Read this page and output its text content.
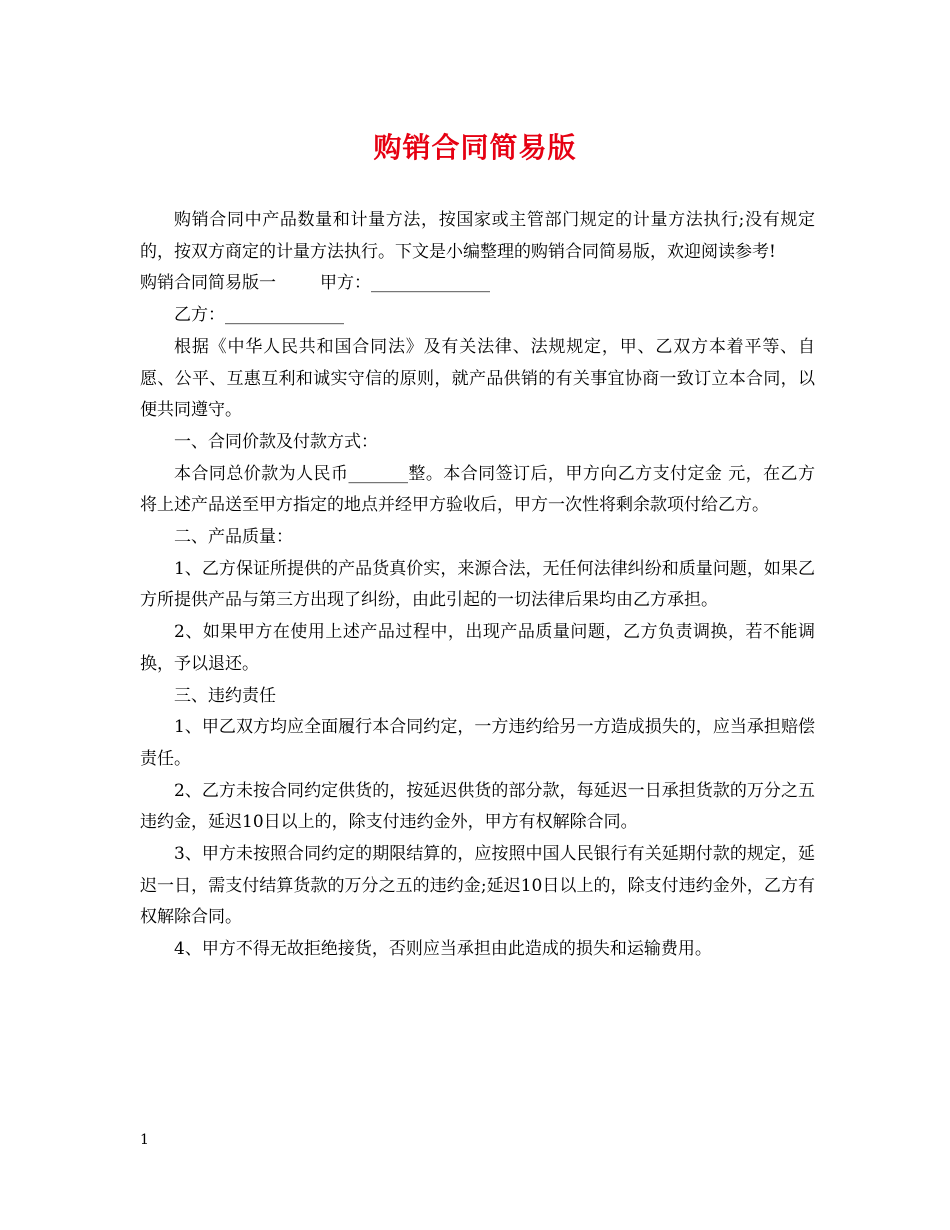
购销合同简易版

购销合同中产品数量和计量方法，按国家或主管部门规定的计量方法执行;没有规定的，按双方商定的计量方法执行。下文是小编整理的购销合同简易版，欢迎阅读参考!

购销合同简易版一	甲方：______________

乙方：______________

根据《中华人民共和国合同法》及有关法律、法规规定，甲、乙双方本着平等、自愿、公平、互惠互利和诚实守信的原则，就产品供销的有关事宜协商一致订立本合同，以便共同遵守。

一、合同价款及付款方式：

本合同总价款为人民币_______整。本合同签订后，甲方向乙方支付定金 元，在乙方将上述产品送至甲方指定的地点并经甲方验收后，甲方一次性将剩余款项付给乙方。

二、产品质量：

1、乙方保证所提供的产品货真价实，来源合法，无任何法律纠纷和质量问题，如果乙方所提供产品与第三方出现了纠纷，由此引起的一切法律后果均由乙方承担。

2、如果甲方在使用上述产品过程中，出现产品质量问题，乙方负责调换，若不能调换，予以退还。

三、违约责任

1、甲乙双方均应全面履行本合同约定，一方违约给另一方造成损失的，应当承担赔偿责任。

2、乙方未按合同约定供货的，按延迟供货的部分款，每延迟一日承担货款的万分之五违约金，延迟10日以上的，除支付违约金外，甲方有权解除合同。

3、甲方未按照合同约定的期限结算的，应按照中国人民银行有关延期付款的规定，延迟一日，需支付结算货款的万分之五的违约金;延迟10日以上的，除支付违约金外，乙方有权解除合同。

4、甲方不得无故拒绝接货，否则应当承担由此造成的损失和运输费用。

1
